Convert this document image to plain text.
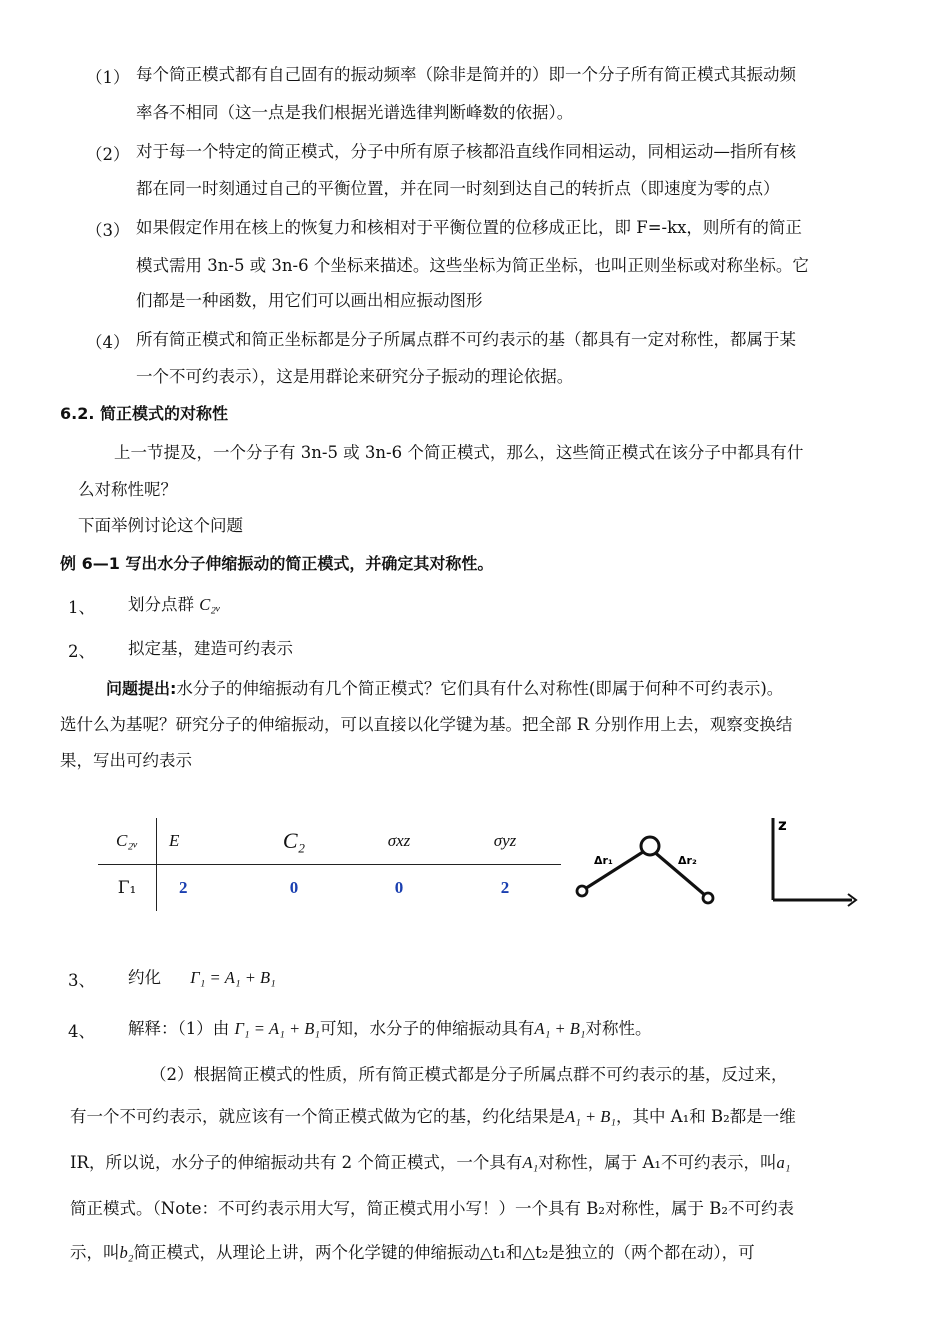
（1） 每个简正模式都有自己固有的振动频率（除非是简并的）即一个分子所有简正模式其振动频
率各不相同（这一点是我们根据光谱选律判断峰数的依据）。
（2） 对于每一个特定的简正模式，分子中所有原子核都沿直线作同相运动，同相运动—指所有核
都在同一时刻通过自己的平衡位置，并在同一时刻到达自己的转折点（即速度为零的点）
（3） 如果假定作用在核上的恢复力和核相对于平衡位置的位移成正比，即 F=-kx，则所有的简正
模式需用 3n-5 或 3n-6 个坐标来描述。这些坐标为简正坐标，也叫正则坐标或对称坐标。它
们都是一种函数，用它们可以画出相应振动图形
（4） 所有简正模式和简正坐标都是分子所属点群不可约表示的基（都具有一定对称性，都属于某
一个不可约表示），这是用群论来研究分子振动的理论依据。
6.2. 简正模式的对称性
上一节提及，一个分子有 3n-5 或 3n-6 个简正模式，那么，这些简正模式在该分子中都具有什
么对称性呢？
下面举例讨论这个问题
例 6—1 写出水分子伸缩振动的简正模式，并确定其对称性。
1、 划分点群 C₂ᵥ
2、 拟定基，建造可约表示
问题提出:水分子的伸缩振动有几个简正模式？它们具有什么对称性(即属于何种不可约表示)。
选什么为基呢？研究分子的伸缩振动，可以直接以化学键为基。把全部 R 分别作用上去，观察变换结
果，写出可约表示
C₂ᵥ	E	C₂	σxz	σyz
Γ₁	2	0	0	2
Δr₁	Δr₂
z
3、 约化 Γ₁ = A₁ + B₁
4、 解释：（1）由 Γ₁ = A₁ + B₁可知，水分子的伸缩振动具有A₁ + B₁对称性。
（2）根据简正模式的性质，所有简正模式都是分子所属点群不可约表示的基，反过来，
有一个不可约表示，就应该有一个简正模式做为它的基，约化结果是A₁ + B₁，其中 A₁和 B₂都是一维
IR，所以说，水分子的伸缩振动共有 2 个简正模式，一个具有A₁对称性，属于 A₁不可约表示，叫a₁
简正模式。（Note：不可约表示用大写，简正模式用小写！）一个具有 B₂对称性，属于 B₂不可约表
示，叫b₂简正模式，从理论上讲，两个化学键的伸缩振动△t₁和△t₂是独立的（两个都在动），可
